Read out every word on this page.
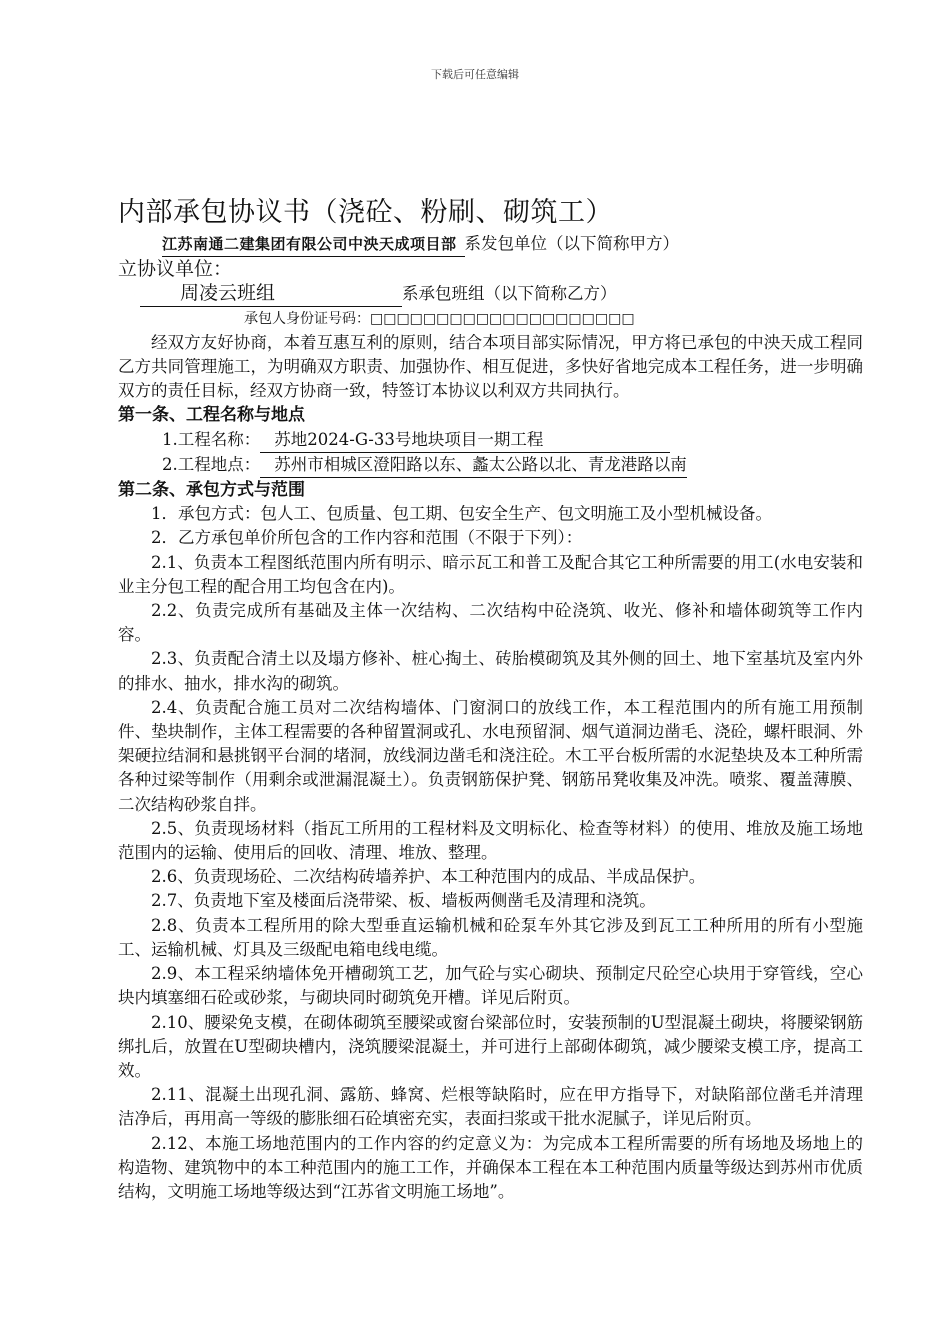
下载后可任意编辑
内部承包协议书（浇砼、粉刷、砌筑工）
江苏南通二建集团有限公司中泱天成项目部 系发包单位（以下简称甲方）
立协议单位：
周凌云班组	系承包班组（以下简称乙方）
承包人身份证号码：□□□□□□□□□□□□□□□□□□□□
经双方友好协商，本着互惠互利的原则，结合本项目部实际情况，甲方将已承包的中泱天成工程同乙方共同管理施工，为明确双方职责、加强协作、相互促进，多快好省地完成本工程任务，进一步明确双方的责任目标，经双方协商一致，特签订本协议以利双方共同执行。
第一条、工程名称与地点
1.工程名称： 苏地2024-G-33号地块项目一期工程
2.工程地点： 苏州市相城区澄阳路以东、蠡太公路以北、青龙港路以南
第二条、承包方式与范围
1．承包方式：包人工、包质量、包工期、包安全生产、包文明施工及小型机械设备。
2．乙方承包单价所包含的工作内容和范围（不限于下列）：
2.1、负责本工程图纸范围内所有明示、暗示瓦工和普工及配合其它工种所需要的用工(水电安装和业主分包工程的配合用工均包含在内)。
2.2、负责完成所有基础及主体一次结构、二次结构中砼浇筑、收光、修补和墙体砌筑等工作内容。
2.3、负责配合清土以及塌方修补、桩心掏土、砖胎模砌筑及其外侧的回土、地下室基坑及室内外的排水、抽水，排水沟的砌筑。
2.4、负责配合施工员对二次结构墙体、门窗洞口的放线工作，本工程范围内的所有施工用预制件、垫块制作，主体工程需要的各种留置洞或孔、水电预留洞、烟气道洞边凿毛、浇砼，螺杆眼洞、外架硬拉结洞和悬挑钢平台洞的堵洞，放线洞边凿毛和浇注砼。木工平台板所需的水泥垫块及本工种所需各种过梁等制作（用剩余或泄漏混凝土）。负责钢筋保护凳、钢筋吊凳收集及冲洗。喷浆、覆盖薄膜、二次结构砂浆自拌。
2.5、负责现场材料（指瓦工所用的工程材料及文明标化、检查等材料）的使用、堆放及施工场地范围内的运输、使用后的回收、清理、堆放、整理。
2.6、负责现场砼、二次结构砖墙养护、本工种范围内的成品、半成品保护。
2.7、负责地下室及楼面后浇带梁、板、墙板两侧凿毛及清理和浇筑。
2.8、负责本工程所用的除大型垂直运输机械和砼泵车外其它涉及到瓦工工种所用的所有小型施工、运输机械、灯具及三级配电箱电线电缆。
2.9、本工程采纳墙体免开槽砌筑工艺，加气砼与实心砌块、预制定尺砼空心块用于穿管线，空心块内填塞细石砼或砂浆，与砌块同时砌筑免开槽。详见后附页。
2.10、腰梁免支模，在砌体砌筑至腰梁或窗台梁部位时，安装预制的U型混凝土砌块，将腰梁钢筋绑扎后，放置在U型砌块槽内，浇筑腰梁混凝土，并可进行上部砌体砌筑，减少腰梁支模工序，提高工效。
2.11、混凝土出现孔洞、露筋、蜂窝、烂根等缺陷时，应在甲方指导下，对缺陷部位凿毛并清理洁净后，再用高一等级的膨胀细石砼填密充实，表面扫浆或干批水泥腻子，详见后附页。
2.12、本施工场地范围内的工作内容的约定意义为：为完成本工程所需要的所有场地及场地上的构造物、建筑物中的本工种范围内的施工工作，并确保本工程在本工种范围内质量等级达到苏州市优质结构，文明施工场地等级达到“江苏省文明施工场地”。
